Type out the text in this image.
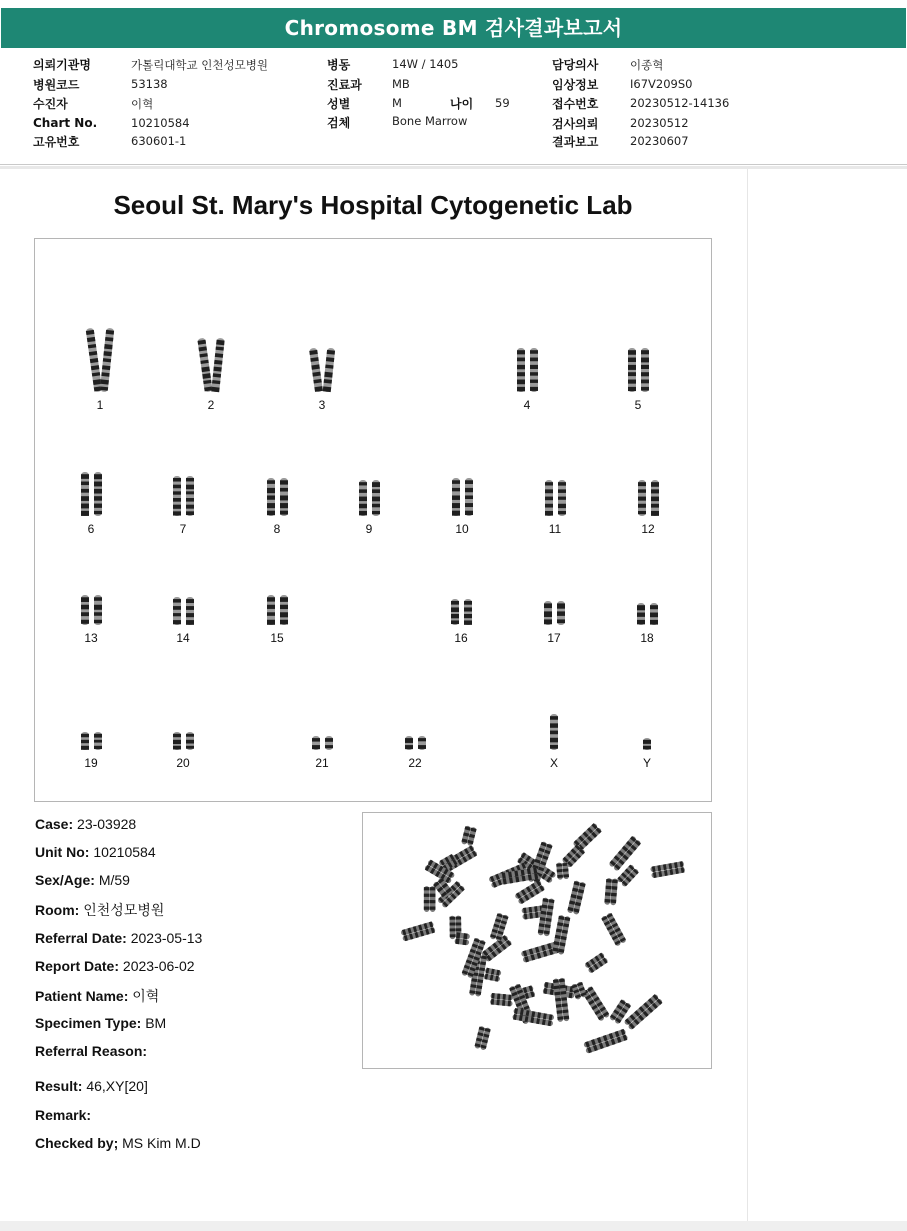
Chromosome BM 검사결과보고서
의뢰기관명	가톨릭대학교 인천성모병원
병원코드	53138
수진자	이혁
Chart No.	10210584
고유번호	630601-1
병동	14W / 1405
진료과	MB
성별	M	나이 59
검체	Bone Marrow
담당의사	이종혁
임상정보	I67V209S0
접수번호	20230512-14136
검사의뢰	20230512
결과보고	20230607
Seoul St. Mary's Hospital Cytogenetic Lab
1	2	3	4	5
6	7	8	9	10	11	12
13	14	15	16	17	18
19	20	21	22	X	Y
Case: 23-03928
Unit No: 10210584
Sex/Age: M/59
Room: 인천성모병원
Referral Date: 2023-05-13
Report Date: 2023-06-02
Patient Name: 이혁
Specimen Type: BM
Referral Reason:
Result: 46,XY[20]
Remark:
Checked by; MS Kim M.D
